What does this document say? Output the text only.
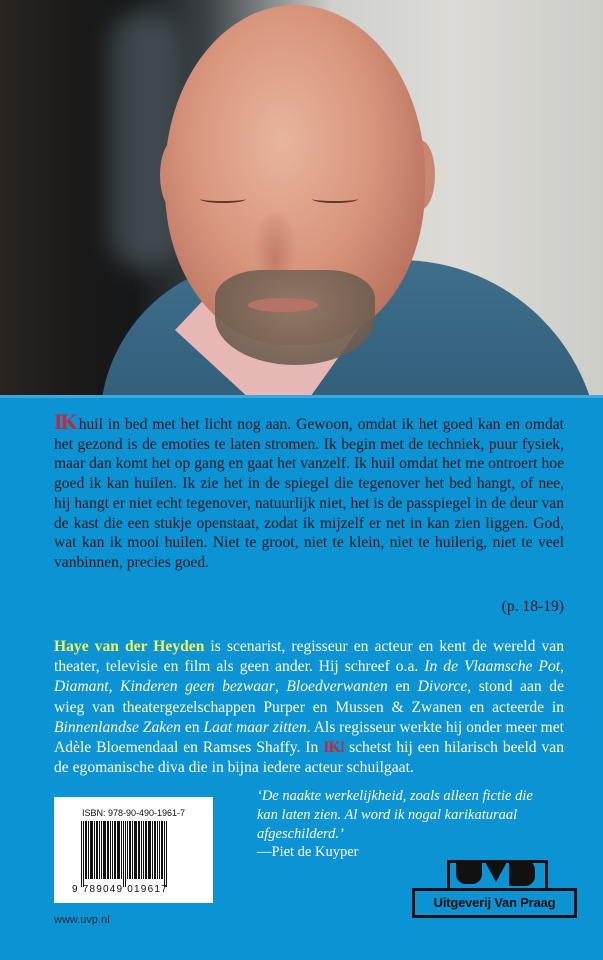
IK huil in bed met het licht nog aan. Gewoon, omdat ik het goed kan en omdat het gezond is de emoties te laten stromen. Ik begin met de techniek, puur fysiek, maar dan komt het op gang en gaat het vanzelf. Ik huil omdat het me ontroert hoe goed ik kan huilen. Ik zie het in de spiegel die tegenover het bed hangt, of nee, hij hangt er niet echt tegenover, natuurlijk niet, het is de passpiegel in de deur van de kast die een stukje openstaat, zodat ik mijzelf er net in kan zien liggen. God, wat kan ik mooi huilen. Niet te groot, niet te klein, niet te huilerig, niet te veel vanbinnen, precies goed.
(p. 18-19)
Haye van der Heyden is scenarist, regisseur en acteur en kent de wereld van theater, televisie en film als geen ander. Hij schreef o.a. In de Vlaamsche Pot, Diamant, Kinderen geen bezwaar, Bloedverwanten en Divorce, stond aan de wieg van theatergezelschappen Purper en Mussen & Zwanen en acteerde in Binnenlandse Zaken en Laat maar zitten. Als regisseur werkte hij onder meer met Adèle Bloemendaal en Ramses Shaffy. In IK! schetst hij een hilarisch beeld van de egomanische diva die in bijna iedere acteur schuilgaat.
ISBN: 978-90-490-1961-7
9 789049 019617
www.uvp.nl
‘De naakte werkelijkheid, zoals alleen fictie die kan laten zien. Al word ik nogal karikaturaal afgeschilderd.’
—Piet de Kuyper
Uitgeverij Van Praag
